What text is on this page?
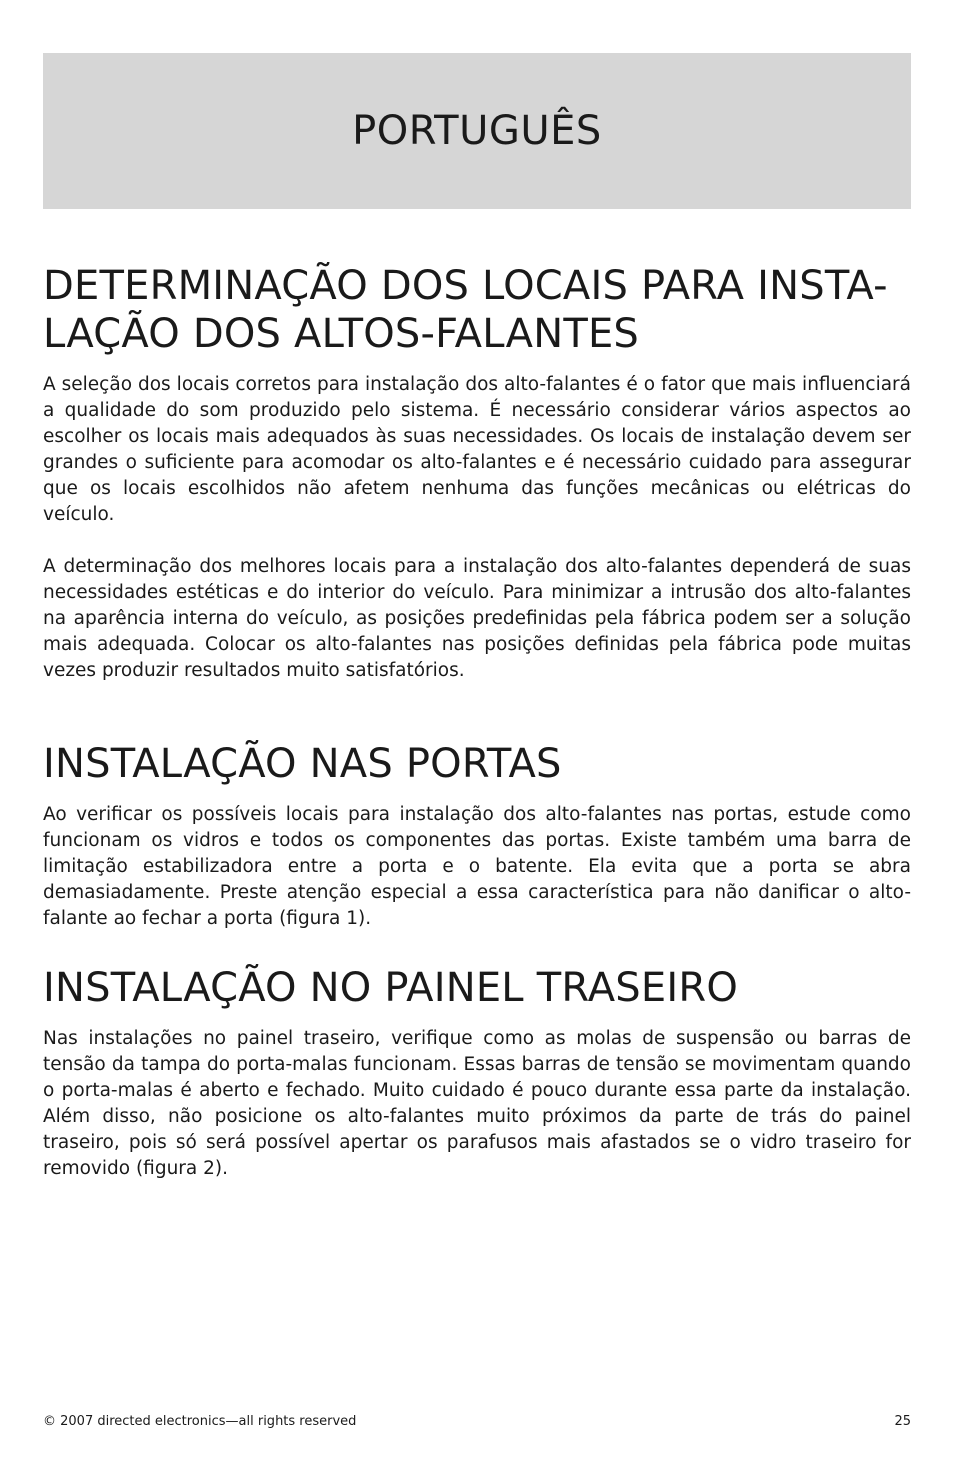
PORTUGUÊS
DETERMINAÇÃO DOS LOCAIS PARA INSTA-LAÇÃO DOS ALTOS-FALANTES

A seleção dos locais corretos para instalação dos alto-falantes é o fator que mais influenciará a qualidade do som produzido pelo sistema. É necessário considerar vários aspectos ao escolher os locais mais adequados às suas necessidades. Os locais de instalação devem ser grandes o suficiente para acomodar os alto-falantes e é necessário cuidado para assegurar que os locais escolhidos não afetem nenhuma das funções mecânicas ou elétricas do veículo.

A determinação dos melhores locais para a instalação dos alto-falantes dependerá de suas necessidades estéticas e do interior do veículo. Para minimizar a intrusão dos alto-falantes na aparência interna do veículo, as posições predefinidas pela fábrica podem ser a solução mais adequada. Colocar os alto-falantes nas posições definidas pela fábrica pode muitas vezes produzir resultados muito satisfatórios.

INSTALAÇÃO NAS PORTAS

Ao verificar os possíveis locais para instalação dos alto-falantes nas portas, estude como funcionam os vidros e todos os componentes das portas. Existe também uma barra de limitação estabilizadora entre a porta e o batente. Ela evita que a porta se abra demasiadamente. Preste atenção especial a essa característica para não danificar o alto-falante ao fechar a porta (figura 1).

INSTALAÇÃO NO PAINEL TRASEIRO

Nas instalações no painel traseiro, verifique como as molas de suspensão ou barras de tensão da tampa do porta-malas funcionam. Essas barras de tensão se movimentam quando o porta-malas é aberto e fechado. Muito cuidado é pouco durante essa parte da instalação. Além disso, não posicione os alto-falantes muito próximos da parte de trás do painel traseiro, pois só será possível apertar os parafusos mais afastados se o vidro traseiro for removido (figura 2).

© 2007 directed electronics—all rights reserved	25
